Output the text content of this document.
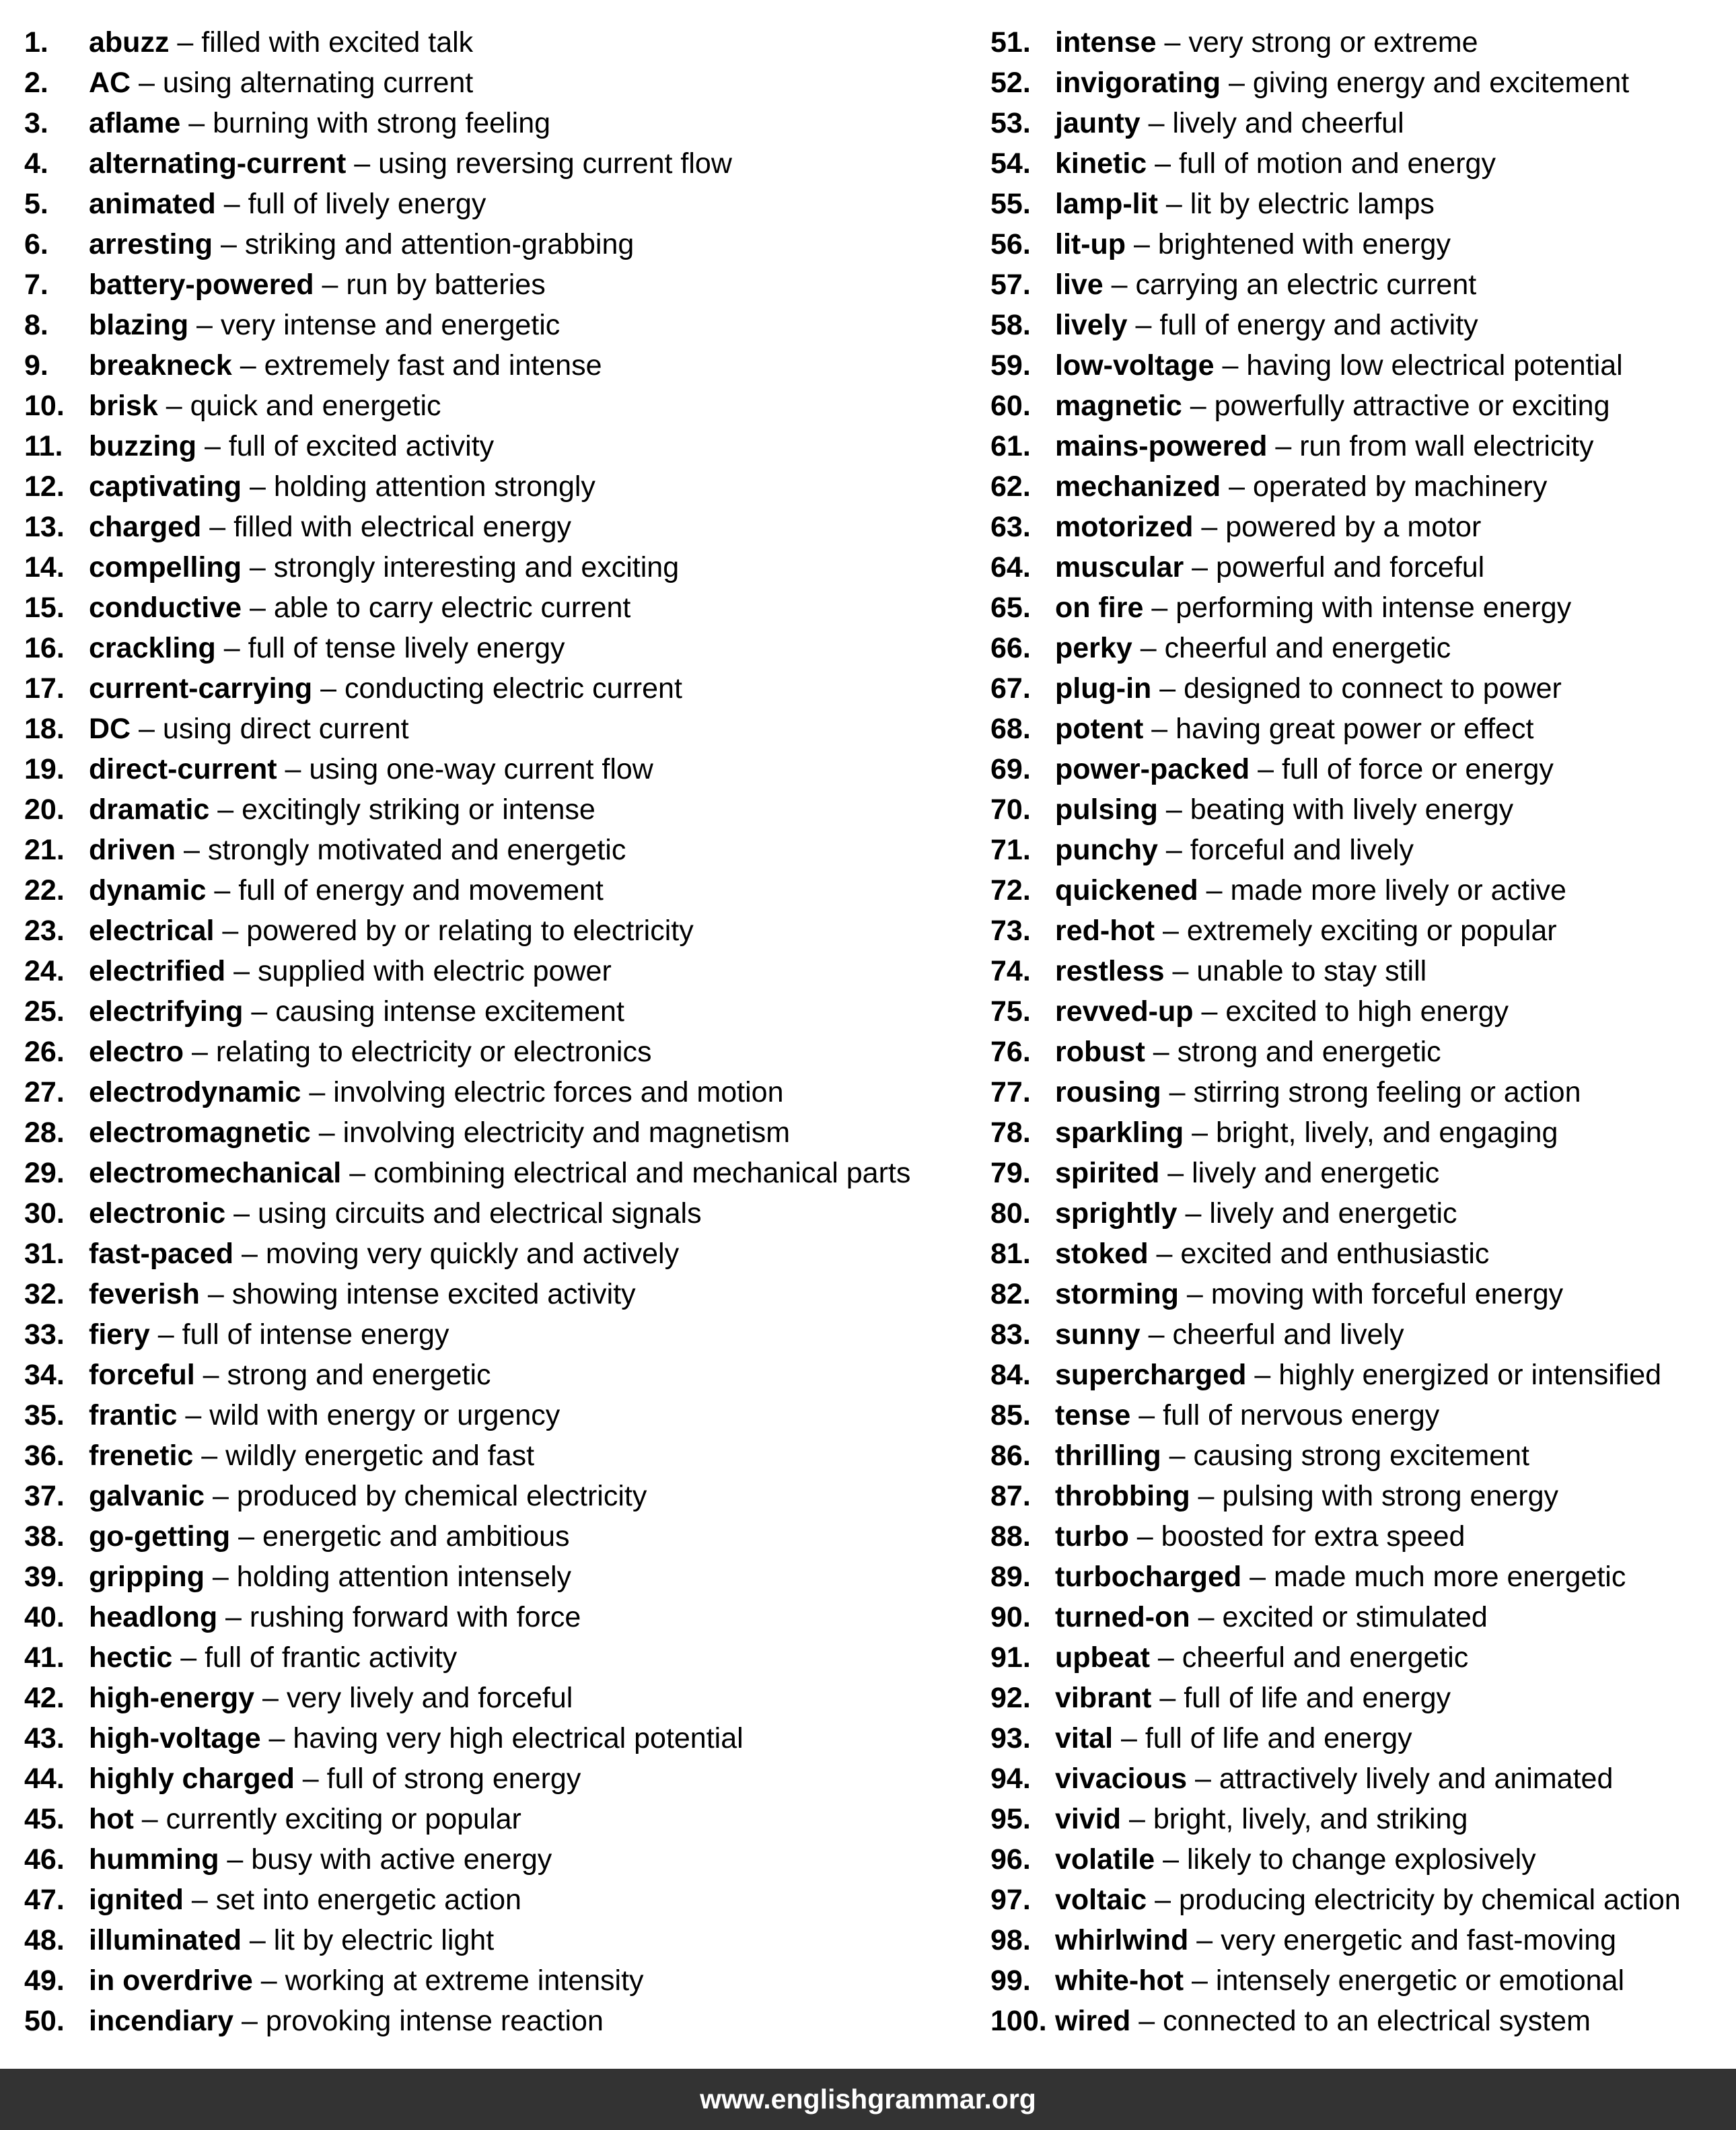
1.	abuzz – filled with excited talk
2.	AC – using alternating current
3.	aflame – burning with strong feeling
4.	alternating-current – using reversing current flow
5.	animated – full of lively energy
6.	arresting – striking and attention-grabbing
7.	battery-powered – run by batteries
8.	blazing – very intense and energetic
9.	breakneck – extremely fast and intense
10. brisk – quick and energetic
11. buzzing – full of excited activity
12. captivating – holding attention strongly
13. charged – filled with electrical energy
14. compelling – strongly interesting and exciting
15. conductive – able to carry electric current
16. crackling – full of tense lively energy
17. current-carrying – conducting electric current
18. DC – using direct current
19. direct-current – using one-way current flow
20. dramatic – excitingly striking or intense
21. driven – strongly motivated and energetic
22. dynamic – full of energy and movement
23. electrical – powered by or relating to electricity
24. electrified – supplied with electric power
25. electrifying – causing intense excitement
26. electro – relating to electricity or electronics
27. electrodynamic – involving electric forces and motion
28. electromagnetic – involving electricity and magnetism
29. electromechanical – combining electrical and mechanical parts
30. electronic – using circuits and electrical signals
31. fast-paced – moving very quickly and actively
32. feverish – showing intense excited activity
33. fiery – full of intense energy
34. forceful – strong and energetic
35. frantic – wild with energy or urgency
36. frenetic – wildly energetic and fast
37. galvanic – produced by chemical electricity
38. go-getting – energetic and ambitious
39. gripping – holding attention intensely
40. headlong – rushing forward with force
41. hectic – full of frantic activity
42. high-energy – very lively and forceful
43. high-voltage – having very high electrical potential
44. highly charged – full of strong energy
45. hot – currently exciting or popular
46. humming – busy with active energy
47. ignited – set into energetic action
48. illuminated – lit by electric light
49. in overdrive – working at extreme intensity
50. incendiary – provoking intense reaction
51. intense – very strong or extreme
52. invigorating – giving energy and excitement
53. jaunty – lively and cheerful
54. kinetic – full of motion and energy
55. lamp-lit – lit by electric lamps
56. lit-up – brightened with energy
57. live – carrying an electric current
58. lively – full of energy and activity
59. low-voltage – having low electrical potential
60. magnetic – powerfully attractive or exciting
61. mains-powered – run from wall electricity
62. mechanized – operated by machinery
63. motorized – powered by a motor
64. muscular – powerful and forceful
65. on fire – performing with intense energy
66. perky – cheerful and energetic
67. plug-in – designed to connect to power
68. potent – having great power or effect
69. power-packed – full of force or energy
70. pulsing – beating with lively energy
71. punchy – forceful and lively
72. quickened – made more lively or active
73. red-hot – extremely exciting or popular
74. restless – unable to stay still
75. revved-up – excited to high energy
76. robust – strong and energetic
77. rousing – stirring strong feeling or action
78. sparkling – bright, lively, and engaging
79. spirited – lively and energetic
80. sprightly – lively and energetic
81. stoked – excited and enthusiastic
82. storming – moving with forceful energy
83. sunny – cheerful and lively
84. supercharged – highly energized or intensified
85. tense – full of nervous energy
86. thrilling – causing strong excitement
87. throbbing – pulsing with strong energy
88. turbo – boosted for extra speed
89. turbocharged – made much more energetic
90. turned-on – excited or stimulated
91. upbeat – cheerful and energetic
92. vibrant – full of life and energy
93. vital – full of life and energy
94. vivacious – attractively lively and animated
95. vivid – bright, lively, and striking
96. volatile – likely to change explosively
97. voltaic – producing electricity by chemical action
98. whirlwind – very energetic and fast-moving
99. white-hot – intensely energetic or emotional
100. wired – connected to an electrical system
www.englishgrammar.org
